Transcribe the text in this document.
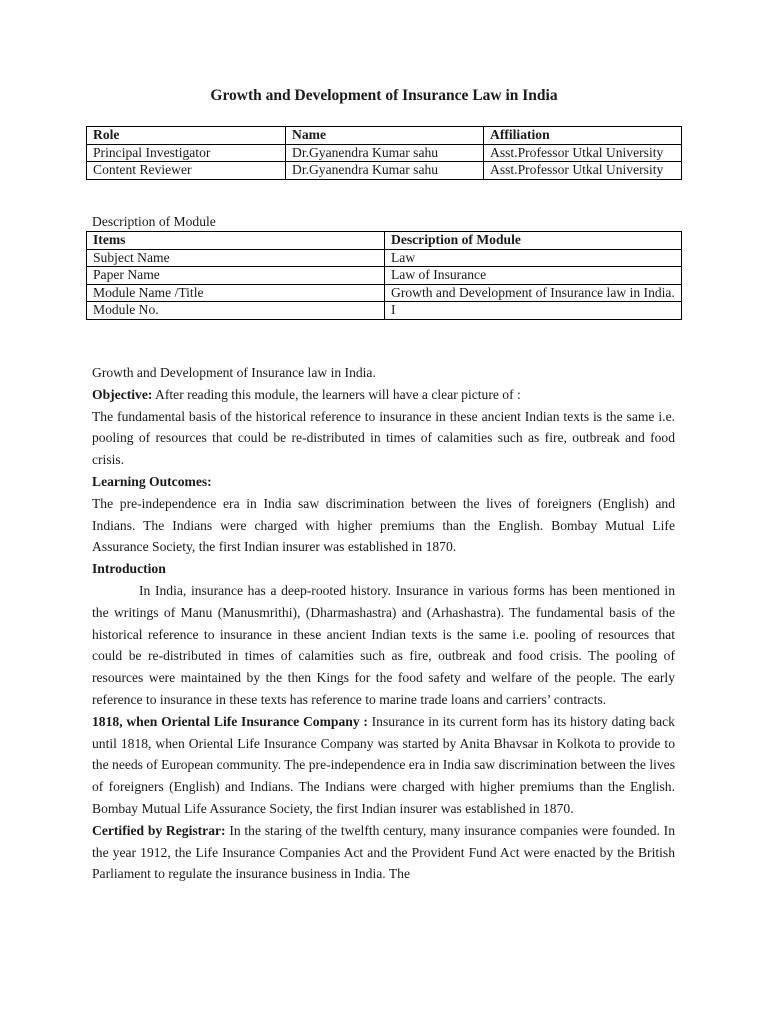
Growth and Development of Insurance Law in India
Role	Name	Affiliation
Principal Investigator	Dr.Gyanendra Kumar sahu	Asst.Professor Utkal University
Content Reviewer	Dr.Gyanendra Kumar sahu	Asst.Professor Utkal University
Description of Module
Items	Description of Module
Subject Name	Law
Paper Name	Law of Insurance
Module Name /Title	Growth and Development of Insurance law in India.
Module No.	I

Growth and Development of Insurance law in India.

Objective: After reading this module, the learners will have a clear picture of :

The fundamental basis of the historical reference to insurance in these ancient Indian texts is the same i.e. pooling of resources that could be re-distributed in times of calamities such as fire, outbreak and food crisis.

Learning Outcomes:

The pre-independence era in India saw discrimination between the lives of foreigners (English) and Indians. The Indians were charged with higher premiums than the English. Bombay Mutual Life Assurance Society, the first Indian insurer was established in 1870.

Introduction

In India, insurance has a deep-rooted history. Insurance in various forms has been mentioned in the writings of Manu (Manusmrithi), (Dharmashastra) and (Arhashastra). The fundamental basis of the historical reference to insurance in these ancient Indian texts is the same i.e. pooling of resources that could be re-distributed in times of calamities such as fire, outbreak and food crisis. The pooling of resources were maintained by the then Kings for the food safety and welfare of the people. The early reference to insurance in these texts has reference to marine trade loans and carriers’ contracts.

1818, when Oriental Life Insurance Company : Insurance in its current form has its history dating back until 1818, when Oriental Life Insurance Company was started by Anita Bhavsar in Kolkota to provide to the needs of European community. The pre-independence era in India saw discrimination between the lives of foreigners (English) and Indians. The Indians were charged with higher premiums than the English. Bombay Mutual Life Assurance Society, the first Indian insurer was established in 1870.

Certified by Registrar: In the staring of the twelfth century, many insurance companies were founded. In the year 1912, the Life Insurance Companies Act and the Provident Fund Act were enacted by the British Parliament to regulate the insurance business in India. The
